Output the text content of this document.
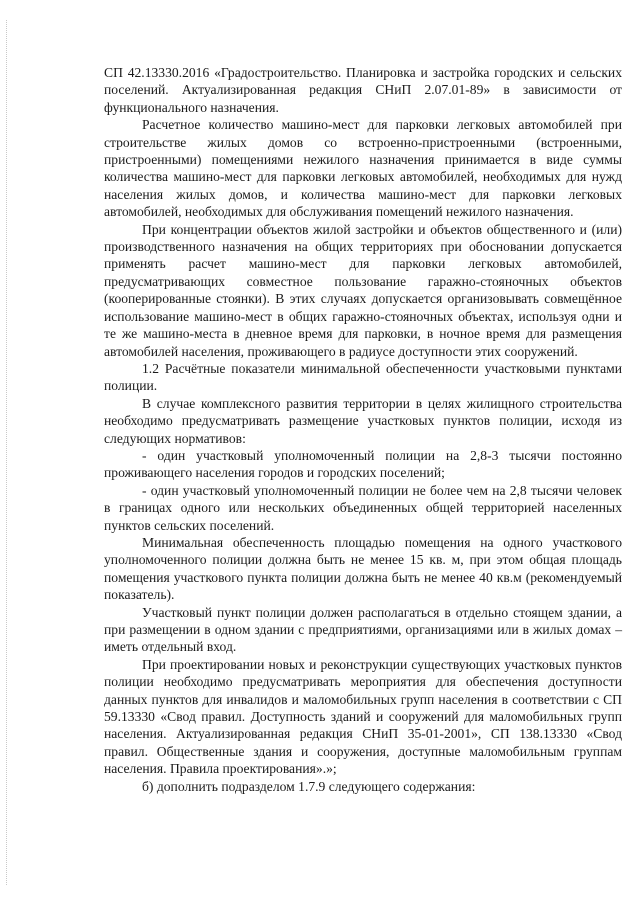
СП 42.13330.2016 «Градостроительство. Планировка и застройка городских и сельских поселений. Актуализированная редакция СНиП 2.07.01-89» в зависимости от функционального назначения.

Расчетное количество машино-мест для парковки легковых автомобилей при строительстве жилых домов со встроенно-пристроенными (встроенными, пристроенными) помещениями нежилого назначения принимается в виде суммы количества машино-мест для парковки легковых автомобилей, необходимых для нужд населения жилых домов, и количества машино-мест для парковки легковых автомобилей, необходимых для обслуживания помещений нежилого назначения.

При концентрации объектов жилой застройки и объектов общественного и (или) производственного назначения на общих территориях при обосновании допускается применять расчет машино-мест для парковки легковых автомобилей, предусматривающих совместное пользование гаражно-стояночных объектов (кооперированные стоянки). В этих случаях допускается организовывать совмещённое использование машино-мест в общих гаражно-стояночных объектах, используя одни и те же машино-места в дневное время для парковки, в ночное время для размещения автомобилей населения, проживающего в радиусе доступности этих сооружений.

1.2 Расчётные показатели минимальной обеспеченности участковыми пунктами полиции.

В случае комплексного развития территории в целях жилищного строительства необходимо предусматривать размещение участковых пунктов полиции, исходя из следующих нормативов:

- один участковый уполномоченный полиции на 2,8-3 тысячи постоянно проживающего населения городов и городских поселений;

- один участковый уполномоченный полиции не более чем на 2,8 тысячи человек в границах одного или нескольких объединенных общей территорией населенных пунктов сельских поселений.

Минимальная обеспеченность площадью помещения на одного участкового уполномоченного полиции должна быть не менее 15 кв. м, при этом общая площадь помещения участкового пункта полиции должна быть не менее 40 кв.м (рекомендуемый показатель).

Участковый пункт полиции должен располагаться в отдельно стоящем здании, а при размещении в одном здании с предприятиями, организациями или в жилых домах – иметь отдельный вход.

При проектировании новых и реконструкции существующих участковых пунктов полиции необходимо предусматривать мероприятия для обеспечения доступности данных пунктов для инвалидов и маломобильных групп населения в соответствии с СП 59.13330 «Свод правил. Доступность зданий и сооружений для маломобильных групп населения. Актуализированная редакция СНиП 35-01-2001», СП 138.13330 «Свод правил. Общественные здания и сооружения, доступные маломобильным группам населения. Правила проектирования».»;

б) дополнить подразделом 1.7.9 следующего содержания:
